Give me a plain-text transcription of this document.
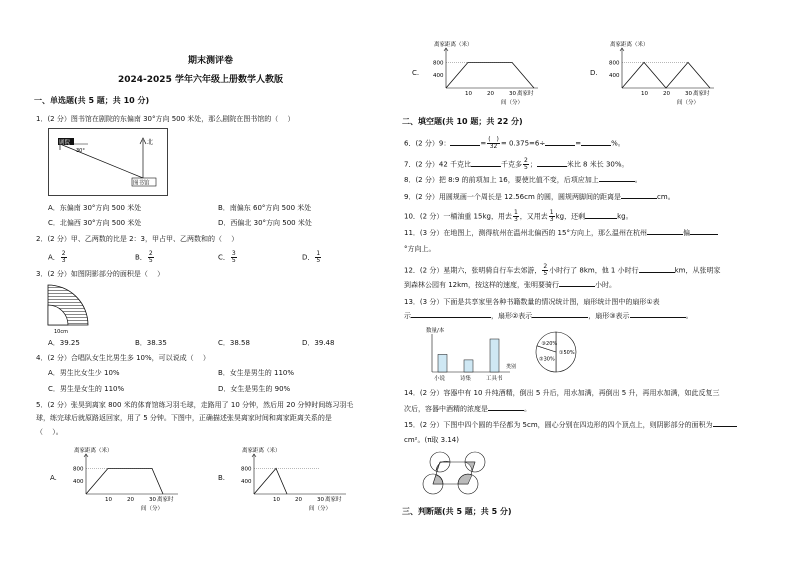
期末测评卷
2024-2025 学年六年级上册数学人教版
一、单选题(共 5 题；共 10 分)
1．(2 分）图书馆在剧院的东偏南 30°方向 500 米处，那么剧院在图书馆的（　 ）
剧院	北
30°
图书馆
A．东偏南 30°方向 500 米处	B．南偏东 60°方向 500 米处
C．北偏西 30°方向 500 米处	D．西偏北 30°方向 500 米处
2．(2 分）甲、乙两数的比是 2：3，甲占甲、乙两数和的（　 ）
A． $\frac{2}{3}$	B． $\frac{2}{5}$	C． $\frac{3}{5}$	D． $\frac{1}{5}$
3．(2 分）如图阴影部分的面积是（　 ）
10cm
A．39.25	B．38.35	C．38.58	D．39.48
4．(2 分）合唱队女生比男生多 10%，可以说成（　 ）
A．男生比女生少 10%	B．女生是男生的 110%
C．男生是女生的 110%	D．女生是男生的 90%
5．(2 分）张昊到离家 800 米的体育馆练习羽毛球，走路用了 10 分钟，然后用 20 分钟时间练习羽毛
球，练完球后就原路返回家，用了 5 分钟。下图中，正确描述张昊离家时间和离家距离关系的是
（　 ）。
A.
离家距离（米）
800
400
10	20	30 离家时
间（分）
B.
离家距离（米）
800
400
10	20	30 离家时
间（分）
C.
离家距离（米）
800
400
10	20	30 离家时
间（分）
D.
离家距离（米）
800
400
10	20	30 离家时
间（分）
二、填空题(共 10 题；共 22 分)
6．(2 分）9：	= $\frac{( )}{32} = 0.375=6\div$	=	%。
7．(2 分）42 千克比	千克多 $\frac{2}{5}$ ；	米比 8 米长 30%。
8．(2 分）把 8:9 的前项加上 16，要使比值不变，后项应加上	。
9．(2 分）用圆规画一个周长是 12.56cm 的圆，圆规两脚间的距离是	cm。
10．(2 分）一桶油重 15kg，用去 $\frac{1}{3}$ ，又用去 $\frac{1}{3}$ kg，还剩	kg。
11．(3 分）在地图上，测得杭州在温州北偏西的 15°方向上，那么温州在杭州	偏
°方向上。
12．(2 分）星期六，张明骑自行车去郊游， $\frac{2}{5}$ 小时行了 8km，他 1 小时行	km，从张明家
到森林公园有 12km，按这样的速度，张明要骑行	小时。
13．(3 分）下面是共享家里各种书籍数量的情况统计图，扇形统计图中的扇形①表
示	，扇形②表示	，扇形③表示	。
数量/本
类别
小说	诗集	工具书
①50%
②30%
③20%
14．(2 分）容器中有 10 升纯酒精，倒出 5 升后，用水加满，再倒出 5 升，再用水加满，如此反复三
次后，容器中酒精的浓度是	。
15．(2 分）下图中四个圆的半径都为 5cm，圆心分别在四边形的四个顶点上，则阴影部分的面积为
cm²。(π取 3.14)
三、判断题(共 5 题；共 5 分)
